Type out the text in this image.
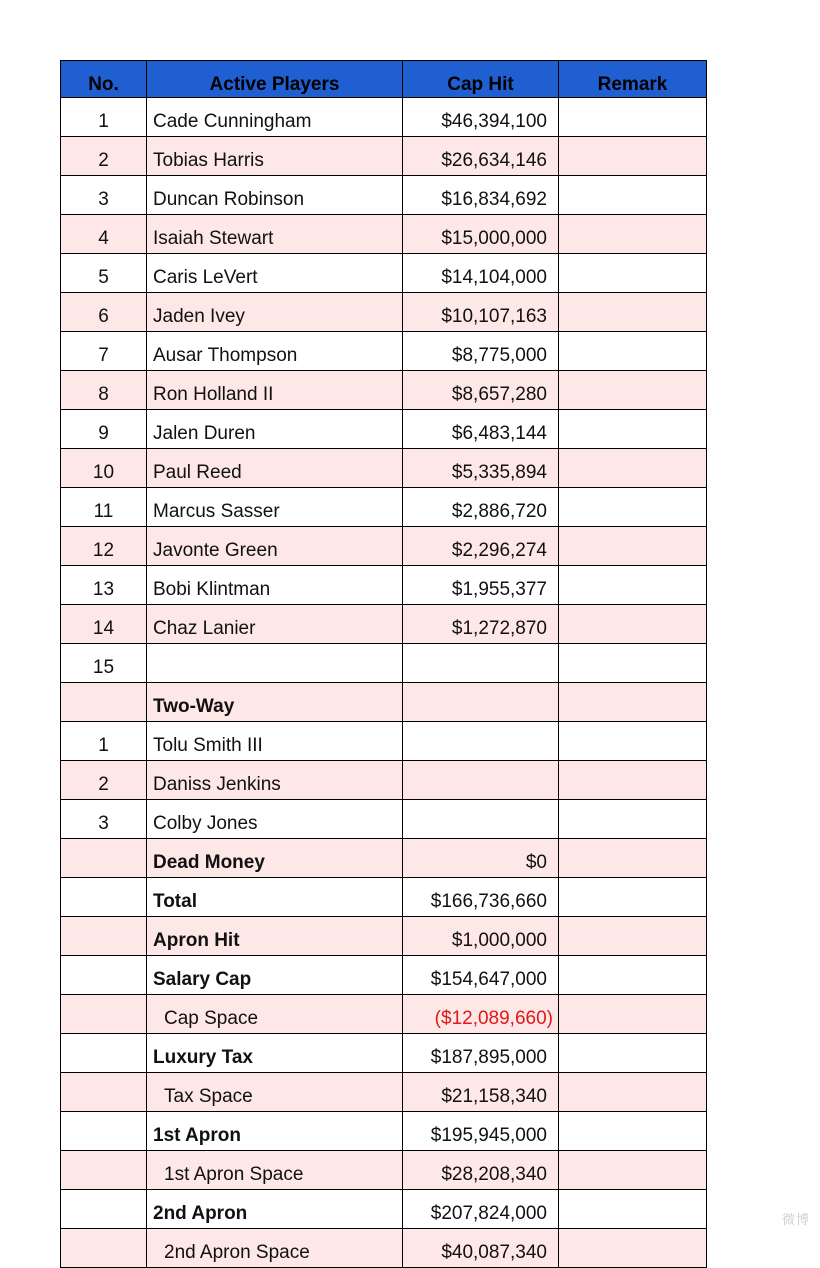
No.	Active Players	Cap Hit	Remark
1	Cade Cunningham	$46,394,100	
2	Tobias Harris	$26,634,146	
3	Duncan Robinson	$16,834,692	
4	Isaiah Stewart	$15,000,000	
5	Caris LeVert	$14,104,000	
6	Jaden Ivey	$10,107,163	
7	Ausar Thompson	$8,775,000	
8	Ron Holland II	$8,657,280	
9	Jalen Duren	$6,483,144	
10	Paul Reed	$5,335,894	
11	Marcus Sasser	$2,886,720	
12	Javonte Green	$2,296,274	
13	Bobi Klintman	$1,955,377	
14	Chaz Lanier	$1,272,870	
15			
	Two-Way		
1	Tolu Smith III		
2	Daniss Jenkins		
3	Colby Jones		
	Dead Money	$0	
	Total	$166,736,660	
	Apron Hit	$1,000,000	
	Salary Cap	$154,647,000	
	Cap Space	($12,089,660)	
	Luxury Tax	$187,895,000	
	Tax Space	$21,158,340	
	1st Apron	$195,945,000	
	1st Apron Space	$28,208,340	
	2nd Apron	$207,824,000	
	2nd Apron Space	$40,087,340	
微博
